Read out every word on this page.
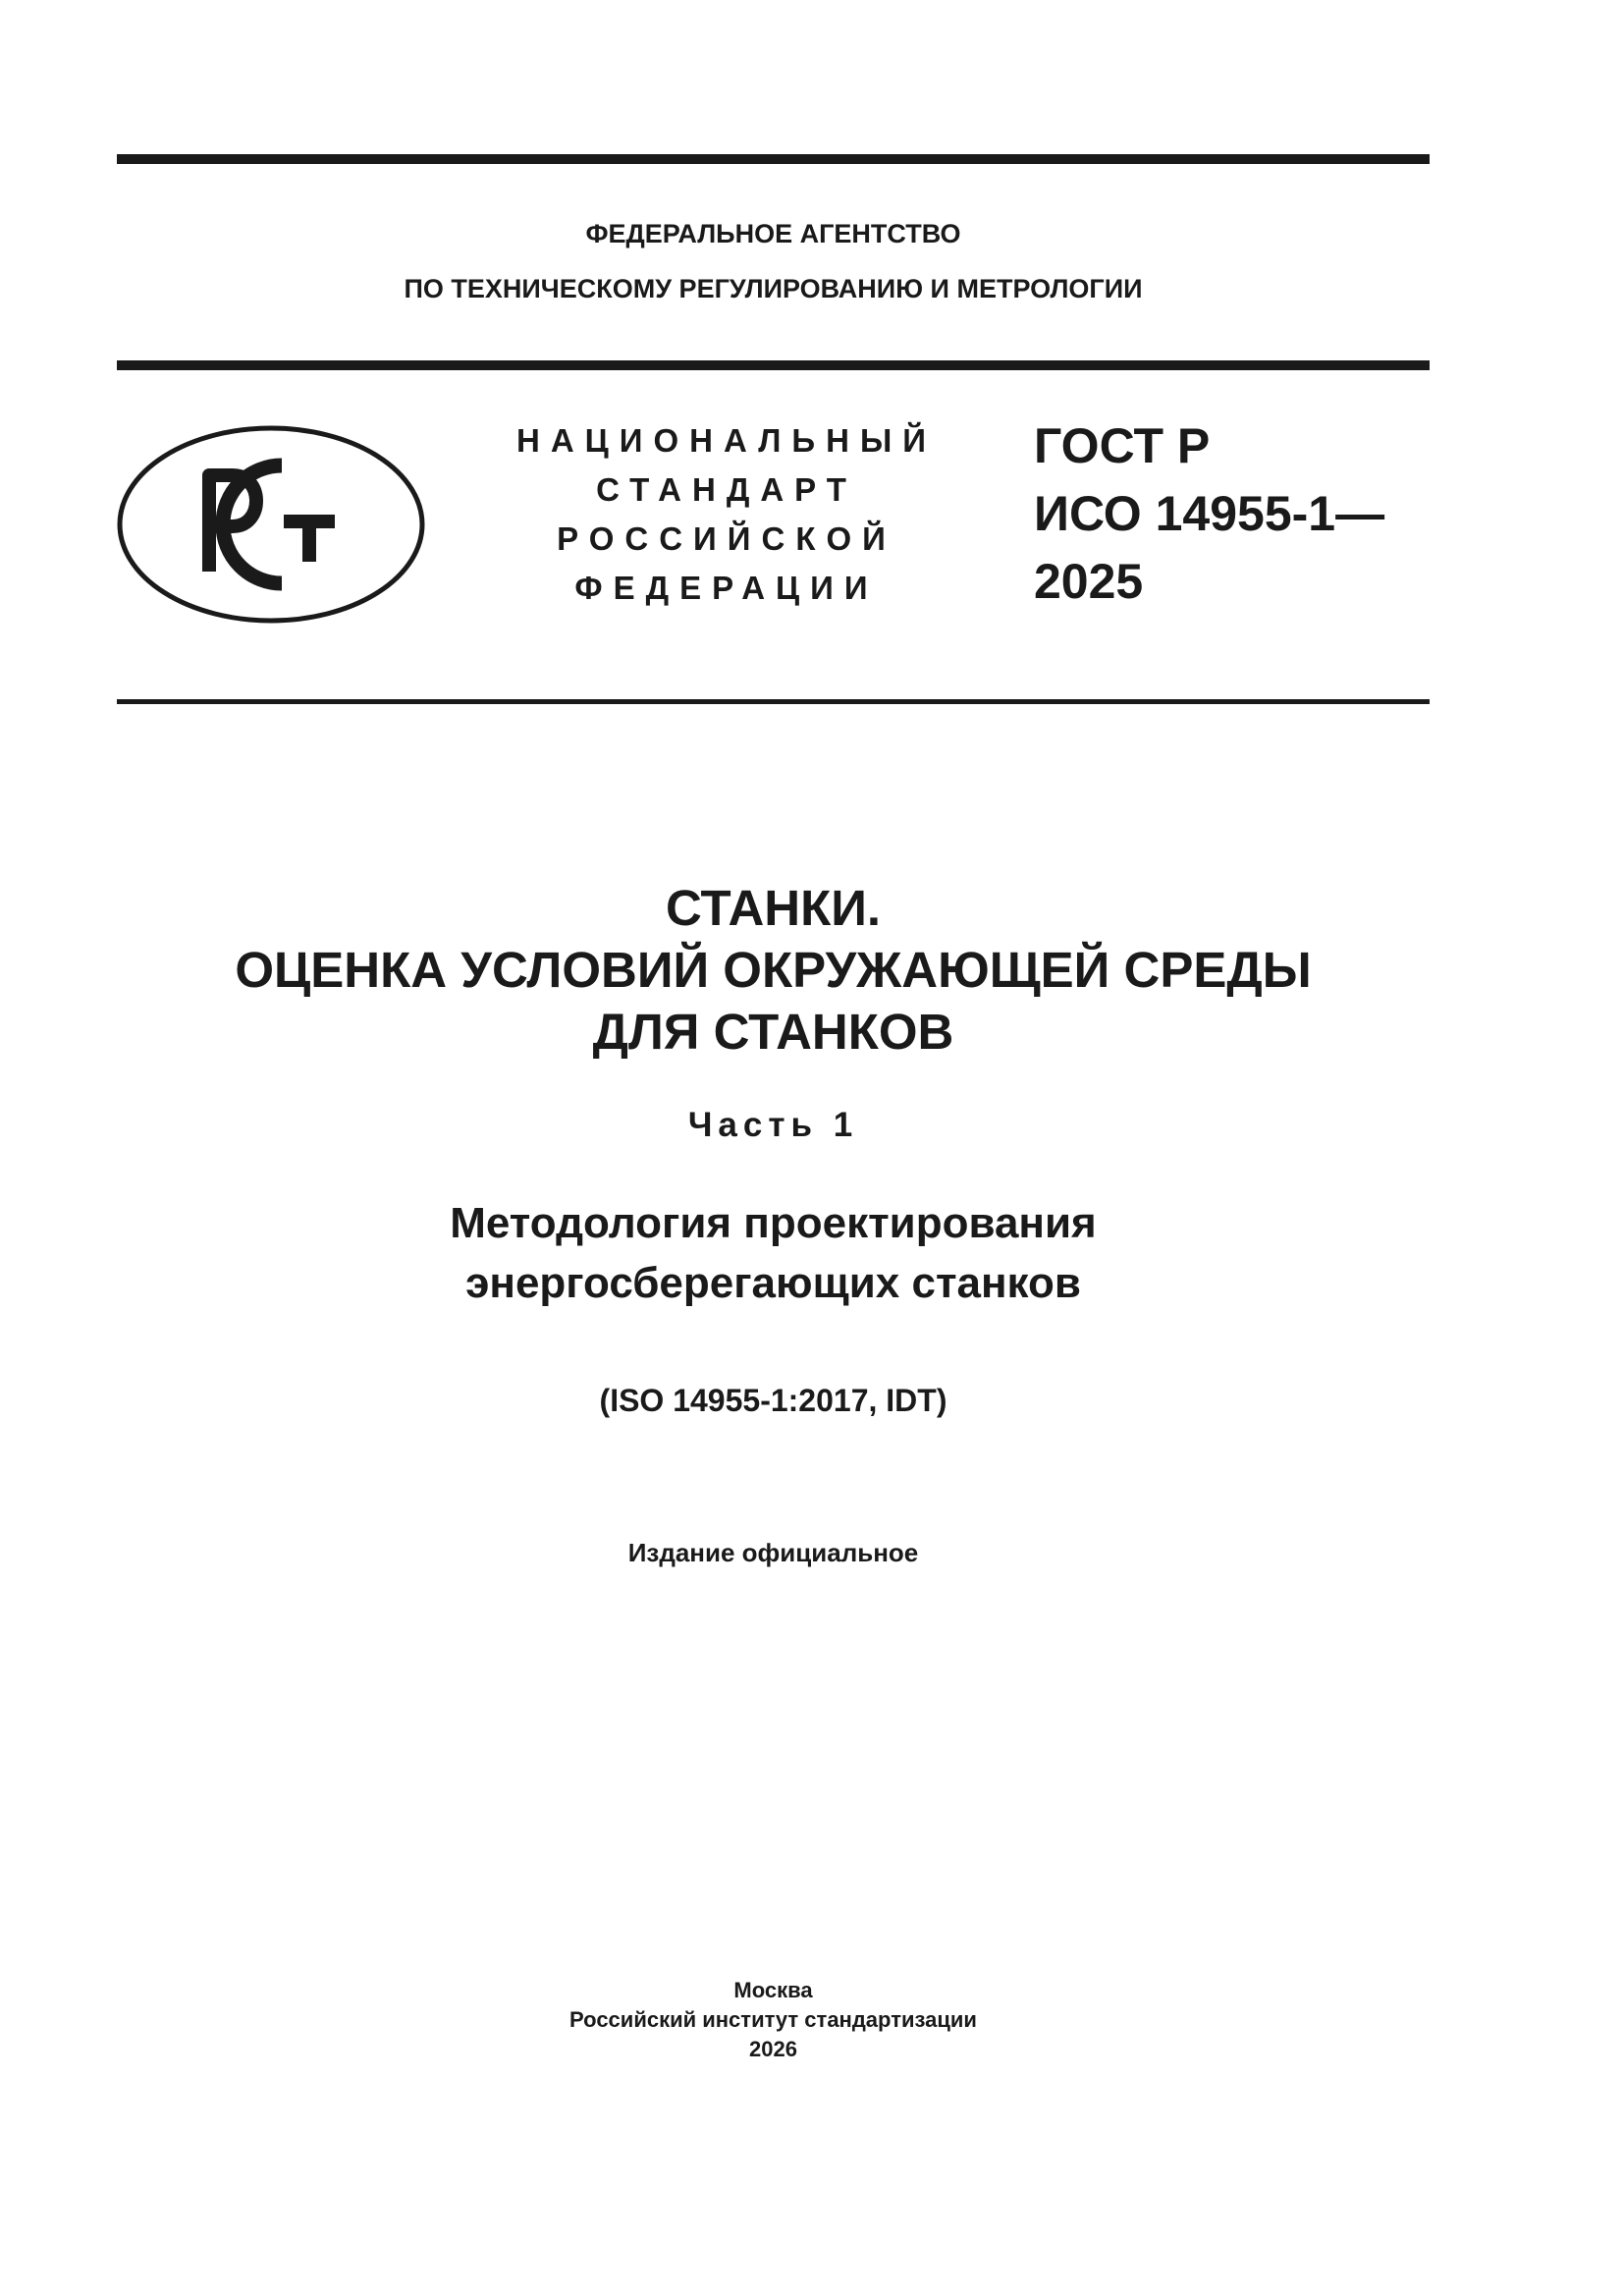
ФЕДЕРАЛЬНОЕ АГЕНТСТВО
ПО ТЕХНИЧЕСКОМУ РЕГУЛИРОВАНИЮ И МЕТРОЛОГИИ
НАЦИОНАЛЬНЫЙ
СТАНДАРТ
РОССИЙСКОЙ
ФЕДЕРАЦИИ
ГОСТ Р
ИСО 14955-1—
2025
СТАНКИ.
ОЦЕНКА УСЛОВИЙ ОКРУЖАЮЩЕЙ СРЕДЫ
ДЛЯ СТАНКОВ
Часть 1
Методология проектирования
энергосберегающих станков
(ISO 14955-1:2017, IDT)
Издание официальное
Москва
Российский институт стандартизации
2026
